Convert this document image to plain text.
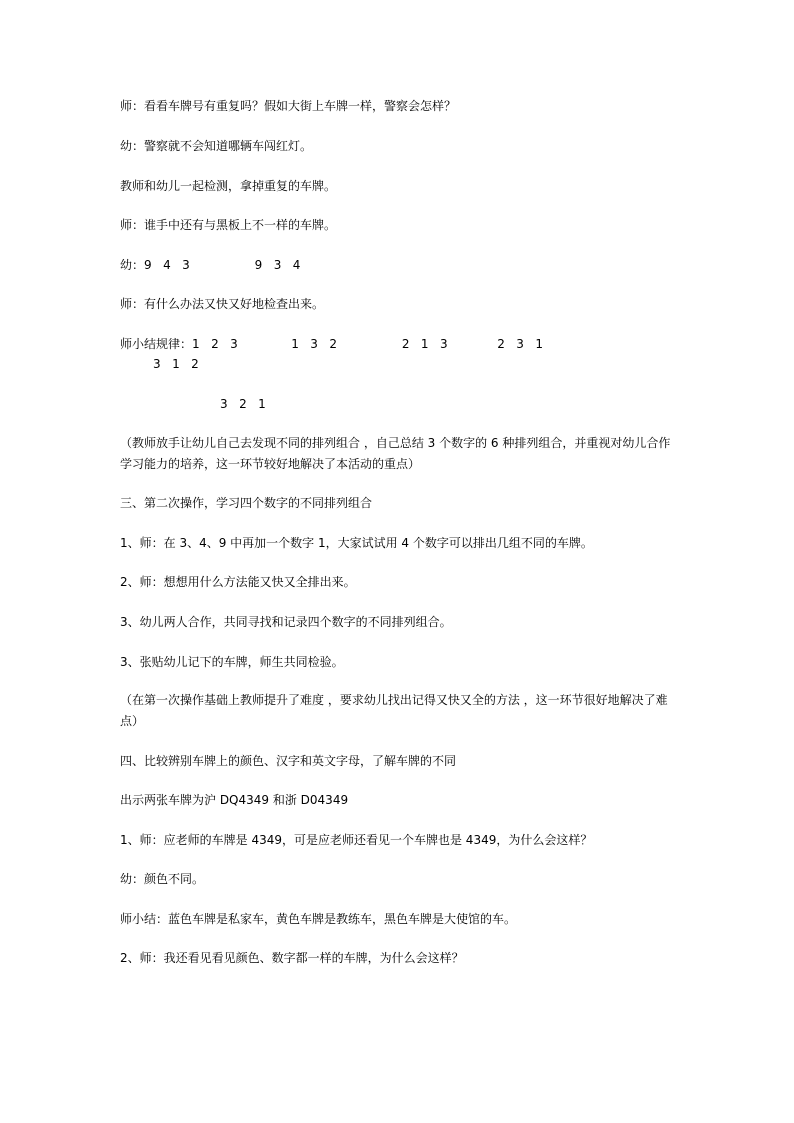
师：看看车牌号有重复吗？假如大街上车牌一样，警察会怎样？
幼：警察就不会知道哪辆车闯红灯。
教师和幼儿一起检测，拿掉重复的车牌。
师：谁手中还有与黑板上不一样的车牌。
幼：9   4   3                 9   3   4
师：有什么办法又快又好地检查出来。
师小结规律：1   2   3              1   3   2                 2   1   3             2   3   1
3   1   2
3   2   1
（教师放手让幼儿自己去发现不同的排列组合 ，自己总结 3 个数字的 6 种排列组合，并重视对幼儿合作学习能力的培养，这一环节较好地解决了本活动的重点）
三、第二次操作，学习四个数字的不同排列组合
1、师：在 3、4、9 中再加一个数字 1，大家试试用 4 个数字可以排出几组不同的车牌。
2、师：想想用什么方法能又快又全排出来。
3、幼儿两人合作，共同寻找和记录四个数字的不同排列组合。
3、张贴幼儿记下的车牌，师生共同检验。
（在第一次操作基础上教师提升了难度 ，要求幼儿找出记得又快又全的方法 ，这一环节很好地解决了难点）
四、比较辨别车牌上的颜色、汉字和英文字母，了解车牌的不同
出示两张车牌为沪 DQ4349 和浙 D04349
1、师：应老师的车牌是 4349，可是应老师还看见一个车牌也是 4349，为什么会这样？
幼：颜色不同。
师小结：蓝色车牌是私家车，黄色车牌是教练车，黑色车牌是大使馆的车。
2、师：我还看见看见颜色、数字都一样的车牌，为什么会这样？
